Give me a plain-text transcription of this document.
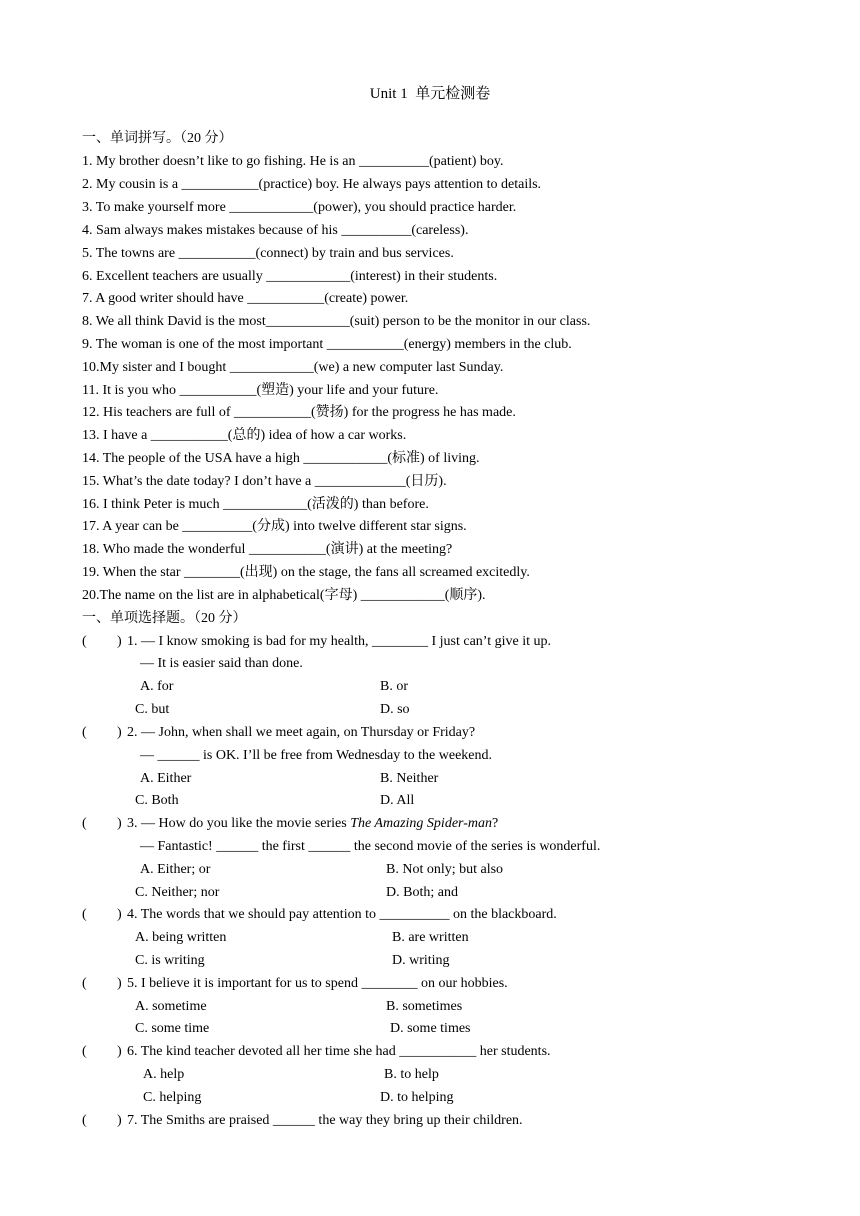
Unit 1  单元检测卷
一、单词拼写。（20 分）
1. My brother doesn’t like to go fishing. He is an __________(patient) boy.
2. My cousin is a ___________(practice) boy. He always pays attention to details.
3. To make yourself more ____________(power), you should practice harder.
4. Sam always makes mistakes because of his __________(careless).
5. The towns are ___________(connect) by train and bus services.
6. Excellent teachers are usually ____________(interest) in their students.
7. A good writer should have ___________(create) power.
8. We all think David is the most____________(suit) person to be the monitor in our class.
9. The woman is one of the most important ___________(energy) members in the club.
10.My sister and I bought ____________(we) a new computer last Sunday.
11. It is you who ___________(塑造) your life and your future.
12. His teachers are full of ___________(赞扬) for the progress he has made.
13. I have a ___________(总的) idea of how a car works.
14. The people of the USA have a high ____________(标准) of living.
15. What’s the date today? I don’t have a _____________(日历).
16. I think Peter is much ____________(活泼的) than before.
17. A year can be __________(分成) into twelve different star signs.
18. Who made the wonderful ___________(演讲) at the meeting?
19. When the star ________(出现) on the stage, the fans all screamed excitedly.
20.The name on the list are in alphabetical(字母) ____________(顺序).
一、单项选择题。（20 分）
( ) 1. — I know smoking is bad for my health, ________ I just can’t give it up.
— It is easier said than done.
A. for	B. or
C. but	D. so
( ) 2. — John, when shall we meet again, on Thursday or Friday?
— ______ is OK. I’ll be free from Wednesday to the weekend.
A. Either	B. Neither
C. Both	D. All
( ) 3. — How do you like the movie series The Amazing Spider-man?
— Fantastic! ______ the first ______ the second movie of the series is wonderful.
A. Either; or	B. Not only; but also
C. Neither; nor	D. Both; and
( ) 4. The words that we should pay attention to __________ on the blackboard.
A. being written	B. are written
C. is writing	D. writing
( ) 5. I believe it is important for us to spend ________ on our hobbies.
A. sometime	B. sometimes
C. some time	D. some times
( ) 6. The kind teacher devoted all her time she had ___________ her students.
A. help	B. to help
C. helping	D. to helping
( ) 7. The Smiths are praised ______ the way they bring up their children.
